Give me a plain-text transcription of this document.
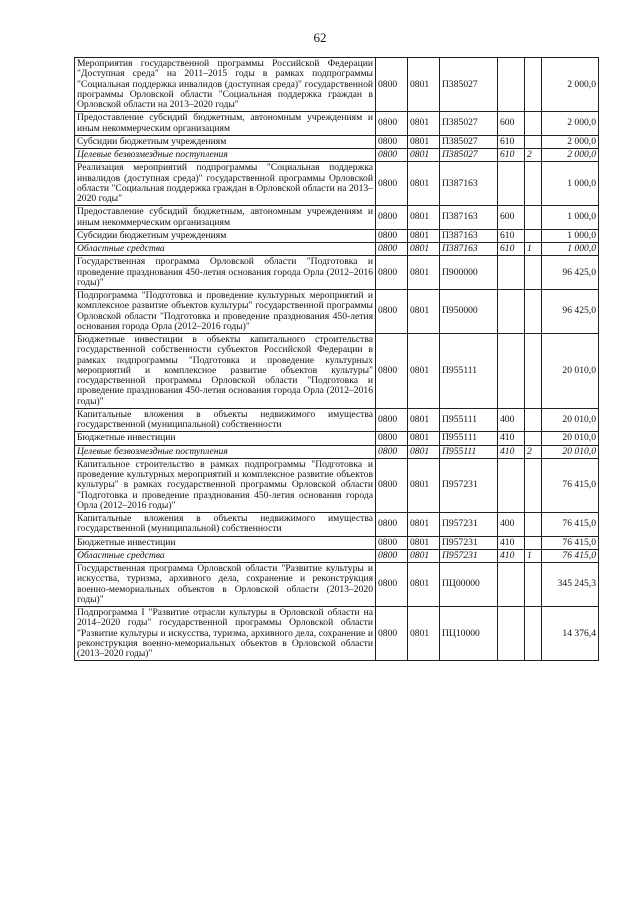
62
Мероприятия государственной программы Российской Федерации "Доступная среда" на 2011–2015 годы в рамках подпрограммы "Социальная поддержка инвалидов (доступная среда)" государственной программы Орловской области "Социальная поддержка граждан в Орловской области на 2013–2020 годы"	0800	0801	П385027			2 000,0
Предоставление субсидий бюджетным, автономным учреждениям и иным некоммерческим организациям	0800	0801	П385027	600		2 000,0
Субсидии бюджетным учреждениям	0800	0801	П385027	610		2 000,0
Целевые безвозмездные поступления	0800	0801	П385027	610	2	2 000,0
Реализация мероприятий подпрограммы "Социальная поддержка инвалидов (доступная среда)" государственной программы Орловской области "Социальная поддержка граждан в Орловской области на 2013–2020 годы"	0800	0801	П387163			1 000,0
Предоставление субсидий бюджетным, автономным учреждениям и иным некоммерческим организациям	0800	0801	П387163	600		1 000,0
Субсидии бюджетным учреждениям	0800	0801	П387163	610		1 000,0
Областные средства	0800	0801	П387163	610	1	1 000,0
Государственная программа Орловской области "Подготовка и проведение празднования 450-летия основания города Орла (2012–2016 годы)"	0800	0801	П900000			96 425,0
Подпрограмма "Подготовка и проведение культурных мероприятий и комплексное развитие объектов культуры" государственной программы Орловской области "Подготовка и проведение празднования 450-летия основания города Орла (2012–2016 годы)"	0800	0801	П950000			96 425,0
Бюджетные инвестиции в объекты капитального строительства государственной собственности субъектов Российской Федерации в рамках подпрограммы "Подготовка и проведение культурных мероприятий и комплексное развитие объектов культуры" государственной программы Орловской области "Подготовка и проведение празднования 450-летия основания города Орла (2012–2016 годы)"	0800	0801	П955111			20 010,0
Капитальные вложения в объекты недвижимого имущества государственной (муниципальной) собственности	0800	0801	П955111	400		20 010,0
Бюджетные инвестиции	0800	0801	П955111	410		20 010,0
Целевые безвозмездные поступления	0800	0801	П955111	410	2	20 010,0
Капитальное строительство в рамках подпрограммы "Подготовка и проведение культурных мероприятий и комплексное развитие объектов культуры" в рамках государственной программы Орловской области "Подготовка и проведение празднования 450-летия основания города Орла (2012–2016 годы)"	0800	0801	П957231			76 415,0
Капитальные вложения в объекты недвижимого имущества государственной (муниципальной) собственности	0800	0801	П957231	400		76 415,0
Бюджетные инвестиции	0800	0801	П957231	410		76 415,0
Областные средства	0800	0801	П957231	410	1	76 415,0
Государственная программа Орловской области "Развитие культуры и искусства, туризма, архивного дела, сохранение и реконструкция военно-мемориальных объектов в Орловской области (2013–2020 годы)"	0800	0801	ПЦ00000			345 245,3
Подпрограмма I "Развитие отрасли культуры в Орловской области на 2014–2020 годы" государственной программы Орловской области "Развитие культуры и искусства, туризма, архивного дела, сохранение и реконструкция военно-мемориальных объектов в Орловской области (2013–2020 годы)"	0800	0801	ПЦ10000			14 376,4
